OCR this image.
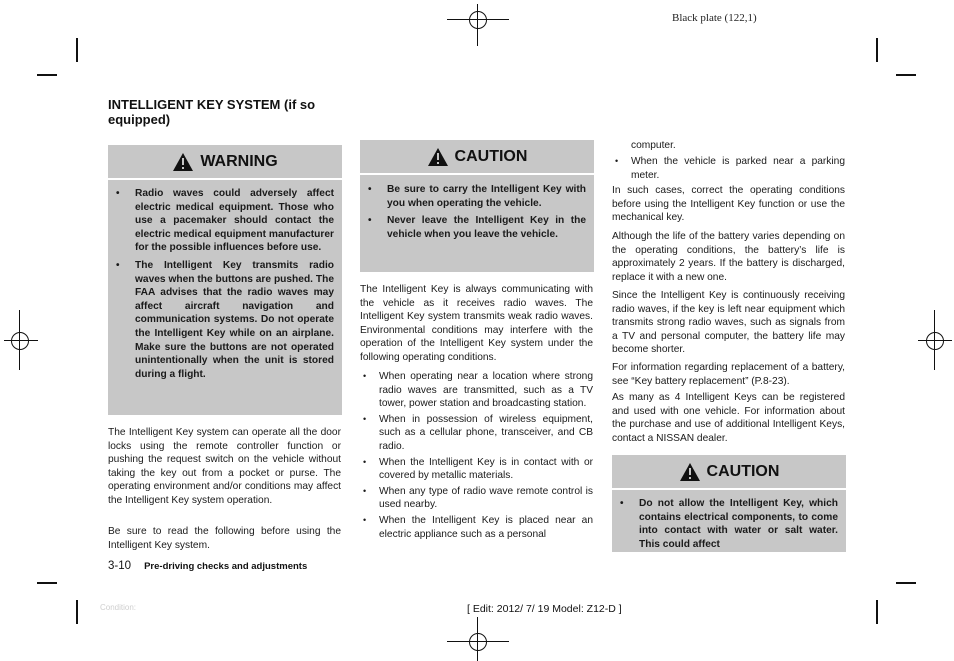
Black plate (122,1)
INTELLIGENT KEY SYSTEM (if so equipped)
WARNING
• Radio waves could adversely affect electric medical equipment. Those who use a pacemaker should contact the electric medical equipment manufacturer for the possible influences before use.
• The Intelligent Key transmits radio waves when the buttons are pushed. The FAA advises that the radio waves may affect aircraft navigation and communication systems. Do not operate the Intelligent Key while on an airplane. Make sure the buttons are not operated unintentionally when the unit is stored during a flight.

The Intelligent Key system can operate all the door locks using the remote controller function or pushing the request switch on the vehicle without taking the key out from a pocket or purse. The operating environment and/or conditions may affect the Intelligent Key system operation.

Be sure to read the following before using the Intelligent Key system.

CAUTION
• Be sure to carry the Intelligent Key with you when operating the vehicle.
• Never leave the Intelligent Key in the vehicle when you leave the vehicle.

The Intelligent Key is always communicating with the vehicle as it receives radio waves. The Intelligent Key system transmits weak radio waves. Environmental conditions may interfere with the operation of the Intelligent Key system under the following operating conditions.

• When operating near a location where strong radio waves are transmitted, such as a TV tower, power station and broadcasting station.
• When in possession of wireless equipment, such as a cellular phone, transceiver, and CB radio.
• When the Intelligent Key is in contact with or covered by metallic materials.
• When any type of radio wave remote control is used nearby.
• When the Intelligent Key is placed near an electric appliance such as a personal

computer.

• When the vehicle is parked near a parking meter.

In such cases, correct the operating conditions before using the Intelligent Key function or use the mechanical key.

Although the life of the battery varies depending on the operating conditions, the battery’s life is approximately 2 years. If the battery is discharged, replace it with a new one.

Since the Intelligent Key is continuously receiving radio waves, if the key is left near equipment which transmits strong radio waves, such as signals from a TV and personal computer, the battery life may become shorter.

For information regarding replacement of a battery, see “Key battery replacement” (P.8-23).

As many as 4 Intelligent Keys can be registered and used with one vehicle. For information about the purchase and use of additional Intelligent Keys, contact a NISSAN dealer.

CAUTION
• Do not allow the Intelligent Key, which contains electrical components, to come into contact with water or salt water. This could affect
3-10 Pre-driving checks and adjustments
Condition:	[ Edit: 2012/ 7/ 19 Model: Z12-D ]
